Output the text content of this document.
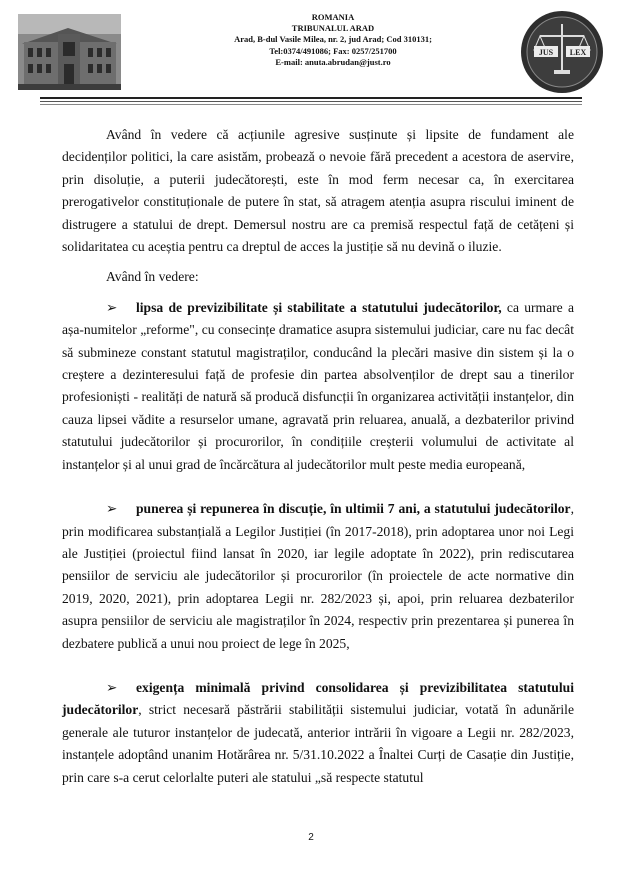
ROMANIA
TRIBUNALUL ARAD
Arad, B-dul Vasile Milea, nr. 2, jud Arad; Cod 310131;
Tel:0374/491086; Fax: 0257/251700
E-mail: anuta.abrudan@just.ro
JUS LEX

Având în vedere că acțiunile agresive susținute și lipsite de fundament ale decidenților politici, la care asistăm, probează o nevoie fără precedent a acestora de aservire, prin disoluție, a puterii judecătorești, este în mod ferm necesar ca, în exercitarea prerogativelor constituționale de putere în stat, să atragem atenția asupra riscului iminent de distrugere a statului de drept. Demersul nostru are ca premisă respectul față de cetățeni și solidaritatea cu aceștia pentru ca dreptul de acces la justiție să nu devină o iluzie.

Având în vedere:

➢ lipsa de previzibilitate și stabilitate a statutului judecătorilor, ca urmare a așa-numitelor „reforme", cu consecințe dramatice asupra sistemului judiciar, care nu fac decât să submineze constant statutul magistraților, conducând la plecări masive din sistem și la o creștere a dezinteresului față de profesie din partea absolvenților de drept sau a tinerilor profesioniști - realități de natură să producă disfuncții în organizarea activității instanțelor, din cauza lipsei vădite a resurselor umane, agravată prin reluarea, anuală, a dezbaterilor privind statutului judecătorilor și procurorilor, în condițiile creșterii volumului de activitate al instanțelor și al unui grad de încărcătura al judecătorilor mult peste media europeană,

➢ punerea și repunerea în discuție, în ultimii 7 ani, a statutului judecătorilor, prin modificarea substanțială a Legilor Justiției (în 2017-2018), prin adoptarea unor noi Legi ale Justiției (proiectul fiind lansat în 2020, iar legile adoptate în 2022), prin rediscutarea pensiilor de serviciu ale judecătorilor și procurorilor (în proiectele de acte normative din 2019, 2020, 2021), prin adoptarea Legii nr. 282/2023 și, apoi, prin reluarea dezbaterilor asupra pensiilor de serviciu ale magistraților în 2024, respectiv prin prezentarea și punerea în dezbatere publică a unui nou proiect de lege în 2025,

➢ exigența minimală privind consolidarea și previzibilitatea statutului judecătorilor, strict necesară păstrării stabilității sistemului judiciar, votată în adunările generale ale tuturor instanțelor de judecată, anterior intrării în vigoare a Legii nr. 282/2023, instanțele adoptând unanim Hotărârea nr. 5/31.10.2022 a Înaltei Curți de Casație din Justiție, prin care s-a cerut celorlalte puteri ale statului „să respecte statutul

2
